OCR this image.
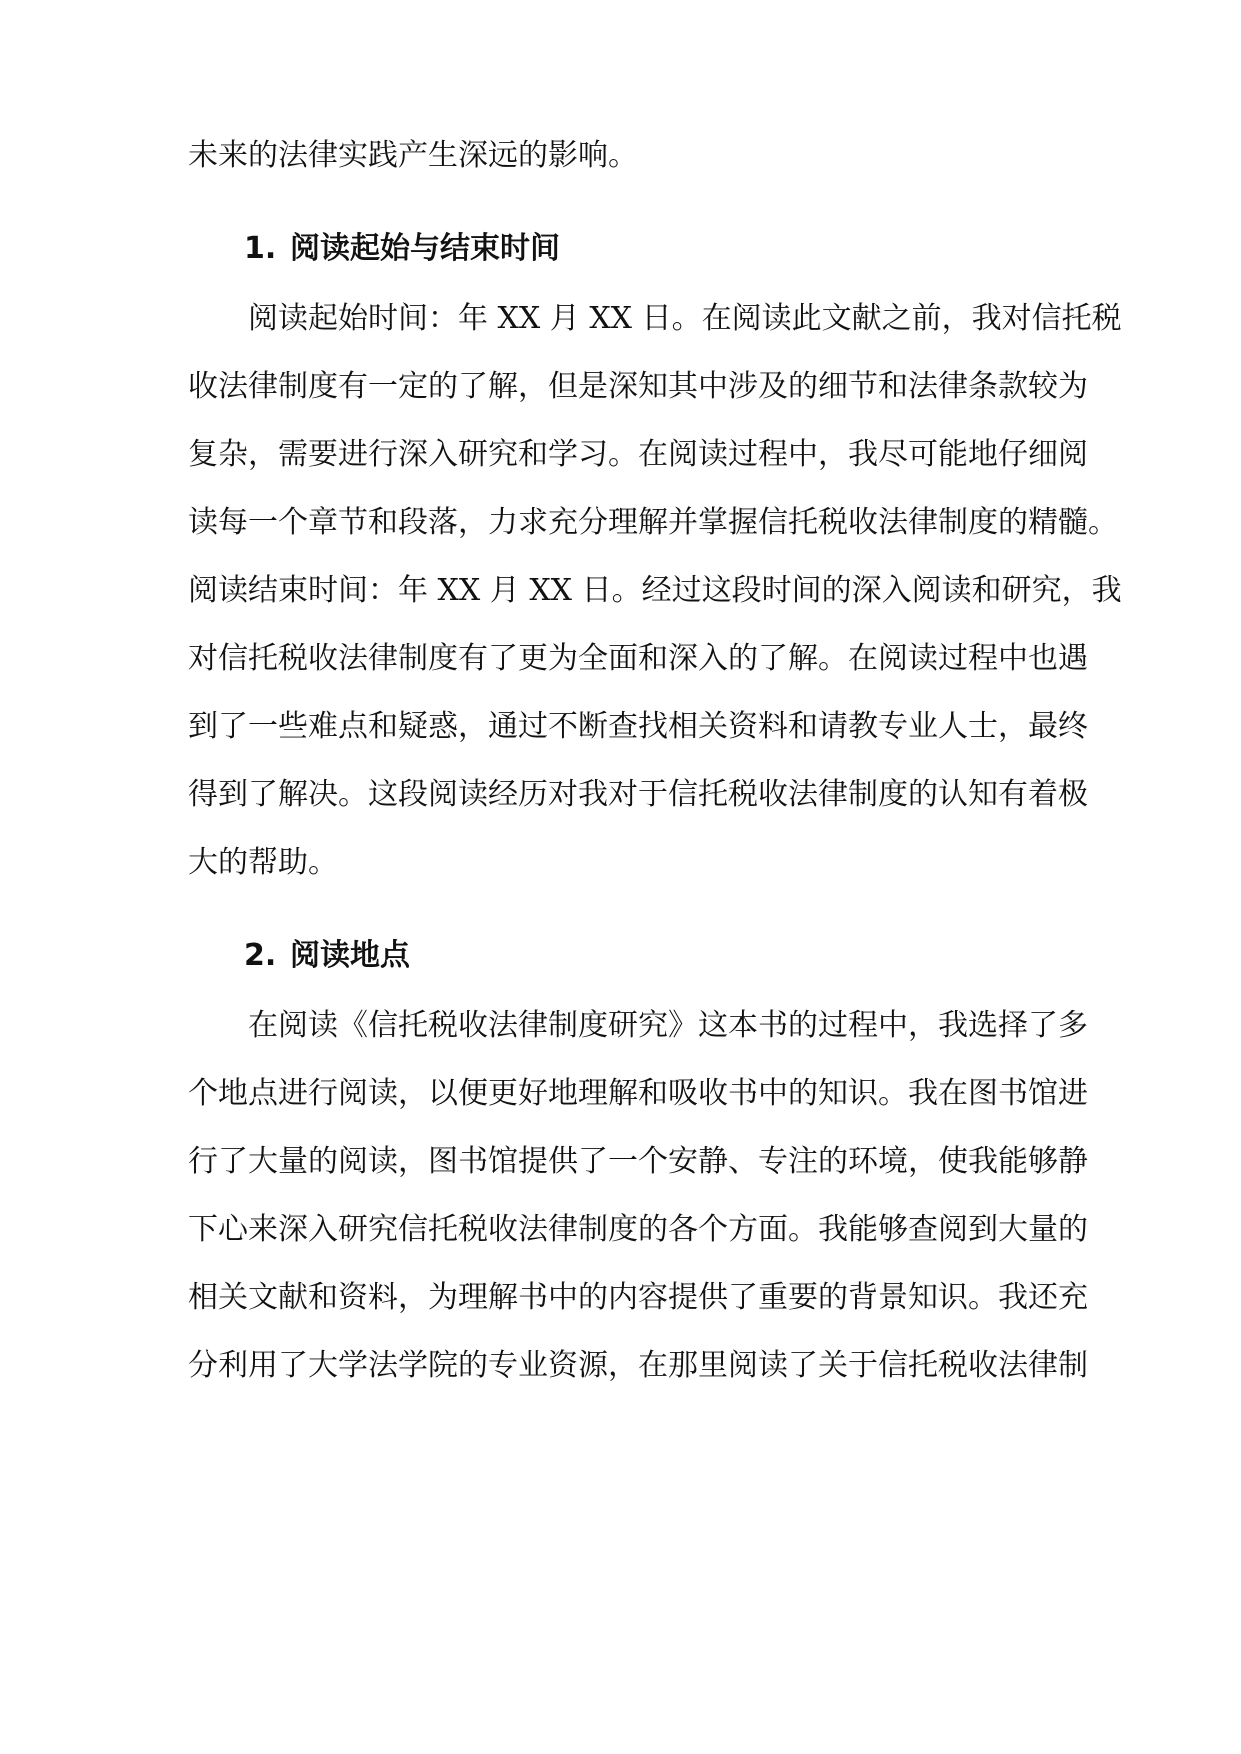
未来的法律实践产生深远的影响。
1. 阅读起始与结束时间
阅读起始时间：年 XX 月 XX 日。在阅读此文献之前，我对信托税
收法律制度有一定的了解，但是深知其中涉及的细节和法律条款较为
复杂，需要进行深入研究和学习。在阅读过程中，我尽可能地仔细阅
读每一个章节和段落，力求充分理解并掌握信托税收法律制度的精髓。
阅读结束时间：年 XX 月 XX 日。经过这段时间的深入阅读和研究，我
对信托税收法律制度有了更为全面和深入的了解。在阅读过程中也遇
到了一些难点和疑惑，通过不断查找相关资料和请教专业人士，最终
得到了解决。这段阅读经历对我对于信托税收法律制度的认知有着极
大的帮助。
2. 阅读地点
在阅读《信托税收法律制度研究》这本书的过程中，我选择了多
个地点进行阅读，以便更好地理解和吸收书中的知识。我在图书馆进
行了大量的阅读，图书馆提供了一个安静、专注的环境，使我能够静
下心来深入研究信托税收法律制度的各个方面。我能够查阅到大量的
相关文献和资料，为理解书中的内容提供了重要的背景知识。我还充
分利用了大学法学院的专业资源，在那里阅读了关于信托税收法律制
